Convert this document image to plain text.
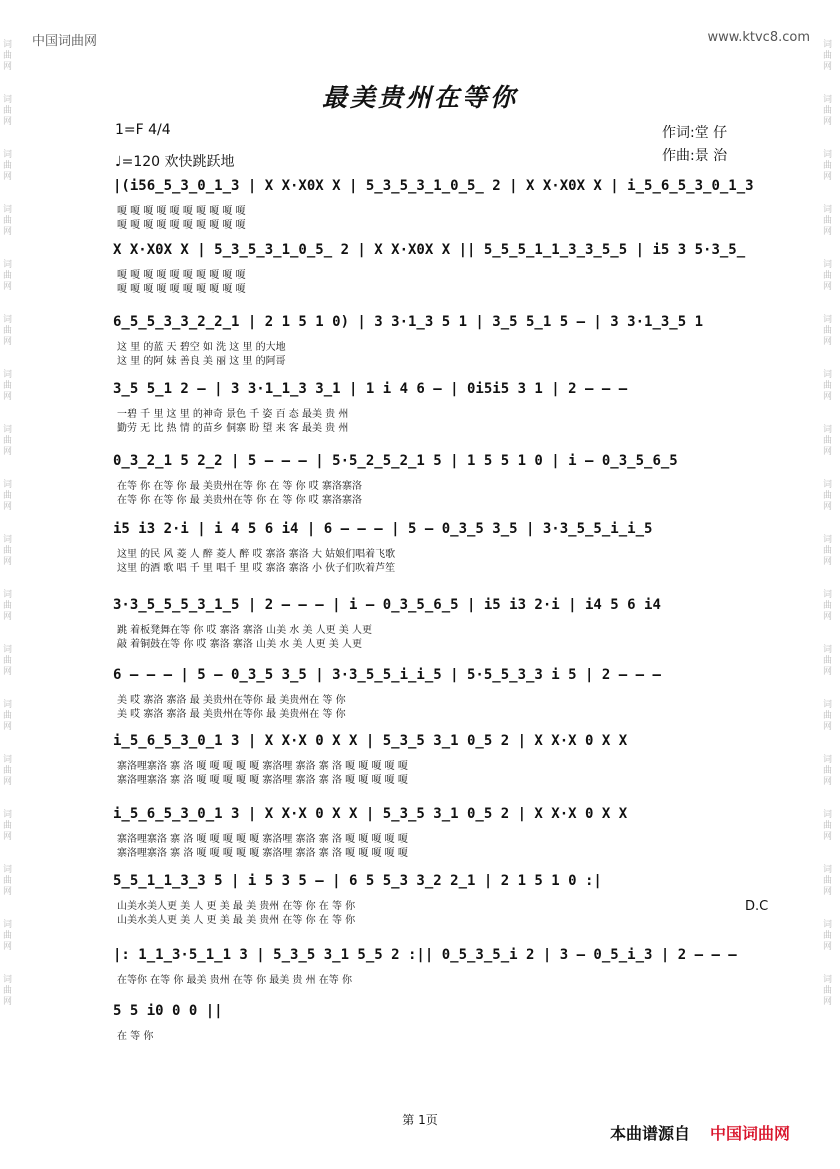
中国词曲网	www.ktvc8.com
词曲网
词曲网
词曲网
词曲网
词曲网
词曲网
词曲网
词曲网
词曲网
词曲网
词曲网
词曲网
词曲网
词曲网
词曲网
词曲网
词曲网
词曲网
词曲网
词曲网
词曲网
词曲网
词曲网
词曲网
词曲网
词曲网
词曲网
词曲网
词曲网
词曲网
词曲网
词曲网
词曲网
词曲网
词曲网
词曲网
最美贵州在等你
1=F 4/4
♩=120 欢快跳跃地
作词:堂 仔
作曲:景 治
|(i56̲5̲3̲0̲1̲3 | X X·X0X X | 5̲3̲5̲3̲1̲0̲5̲ 2 | X X·X0X X | i̲5̲6̲5̲3̲0̲1̲3
嗄 嗄 嗄 嗄 嗄 嗄 嗄 嗄 嗄 嗄
嗄 嗄 嗄 嗄 嗄 嗄 嗄 嗄 嗄 嗄
X X·X0X X | 5̲3̲5̲3̲1̲0̲5̲ 2 | X X·X0X X || 5̲5̲5̲1̲1̲3̲3̲5̲5 | i5 3 5·3̲5̲
嗄 嗄 嗄 嗄 嗄 嗄 嗄 嗄 嗄 嗄
嗄 嗄 嗄 嗄 嗄 嗄 嗄 嗄 嗄 嗄
6̲5̲5̲3̲3̲2̲2̲1 | 2 1 5 1 0) | 3 3·1̲3 5 1 | 3̲5 5̲1 5 – | 3 3·1̲3̲5 1
这 里 的蓝 天 碧空 如 洗 这 里 的大地
这 里 的阿 妹 善良 美 丽 这 里 的阿哥
3̲5 5̲1 2 – | 3 3·1̲1̲3 3̲1 | 1 i 4 6 – | 0i5i5 3 1 | 2 – – –
一碧 千 里 这 里 的神奇 景色 千 姿 百 态 最美 贵 州
勤劳 无 比 热 情 的苗乡 侗寨 盼 望 来 客 最美 贵 州
0̲3̲2̲1 5 2̲2 | 5 – – – | 5·5̲2̲5̲2̲1 5 | 1 5 5 1 0 | i – 0̲3̲5̲6̲5
在等 你 在等 你 最 美贵州在等 你 在 等 你 哎 寨洛寨洛
在等 你 在等 你 最 美贵州在等 你 在 等 你 哎 寨洛寨洛
i5 i3 2·i | i 4 5 6 i4 | 6 – – – | 5 – 0̲3̲5 3̲5 | 3·3̲5̲5̲i̲i̲5
这里 的民 风 菱 人 醉 菱人 醉 哎 寨洛 寨洛 大 姑娘们唱着飞歌
这里 的酒 歌 唱 千 里 唱千 里 哎 寨洛 寨洛 小 伙子们吹着芦笙
3·3̲5̲5̲5̲3̲1̲5 | 2 – – – | i – 0̲3̲5̲6̲5 | i5 i3 2·i | i4 5 6 i4
跳 着板凳舞在等 你 哎 寨洛 寨洛 山美 水 美 人更 美 人更
敲 着铜鼓在等 你 哎 寨洛 寨洛 山美 水 美 人更 美 人更
6 – – – | 5 – 0̲3̲5 3̲5 | 3·3̲5̲5̲i̲i̲5 | 5·5̲5̲3̲3 i 5 | 2 – – –
美 哎 寨洛 寨洛 最 美贵州在等你 最 美贵州在 等 你
美 哎 寨洛 寨洛 最 美贵州在等你 最 美贵州在 等 你
i̲5̲6̲5̲3̲0̲1 3 | X X·X 0 X X | 5̲3̲5 3̲1 0̲5 2 | X X·X 0 X X
寨洛哩寨洛 寨 洛 嗄 嗄 嗄 嗄 嗄 寨洛哩 寨洛 寨 洛 嗄 嗄 嗄 嗄 嗄
寨洛哩寨洛 寨 洛 嗄 嗄 嗄 嗄 嗄 寨洛哩 寨洛 寨 洛 嗄 嗄 嗄 嗄 嗄
i̲5̲6̲5̲3̲0̲1 3 | X X·X 0 X X | 5̲3̲5 3̲1 0̲5 2 | X X·X 0 X X
寨洛哩寨洛 寨 洛 嗄 嗄 嗄 嗄 嗄 寨洛哩 寨洛 寨 洛 嗄 嗄 嗄 嗄 嗄
寨洛哩寨洛 寨 洛 嗄 嗄 嗄 嗄 嗄 寨洛哩 寨洛 寨 洛 嗄 嗄 嗄 嗄 嗄
5̲5̲1̲1̲3̲3 5 | i 5 3 5 – | 6 5 5̲3 3̲2 2̲1 | 2 1 5 1 0 :|
山美水美人更 美 人 更 美 最 美 贵州 在等 你 在 等 你
山美水美人更 美 人 更 美 最 美 贵州 在等 你 在 等 你
D.C
|: 1̲1̲3·5̲1̲1 3 | 5̲3̲5 3̲1 5̲5 2 :|| 0̲5̲3̲5̲i 2 | 3 – 0̲5̲i̲3 | 2 – – –
在等你 在等 你 最美 贵州 在等 你 最美 贵 州 在等 你
5 5 i0 0 0 ||
在 等 你
第 1页
本曲谱源自 中国词曲网
